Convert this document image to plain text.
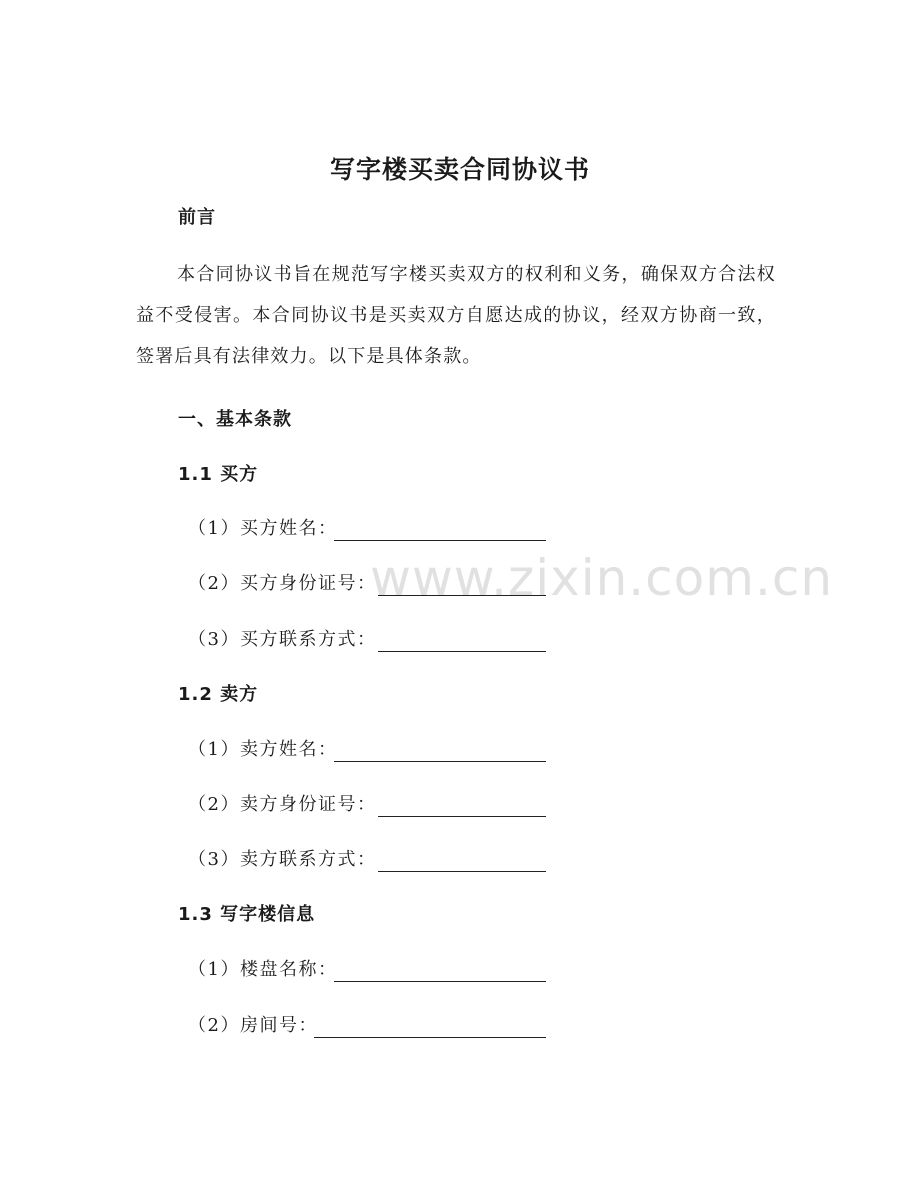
写字楼买卖合同协议书
前言
本合同协议书旨在规范写字楼买卖双方的权利和义务，确保双方合法权益不受侵害。本合同协议书是买卖双方自愿达成的协议，经双方协商一致，签署后具有法律效力。以下是具体条款。
一、基本条款
1.1 买方
（1）买方姓名：
（2）买方身份证号：
（3）买方联系方式：
1.2 卖方
（1）卖方姓名：
（2）卖方身份证号：
（3）卖方联系方式：
1.3 写字楼信息
（1）楼盘名称：
（2）房间号：
www.zixin.com.cn
